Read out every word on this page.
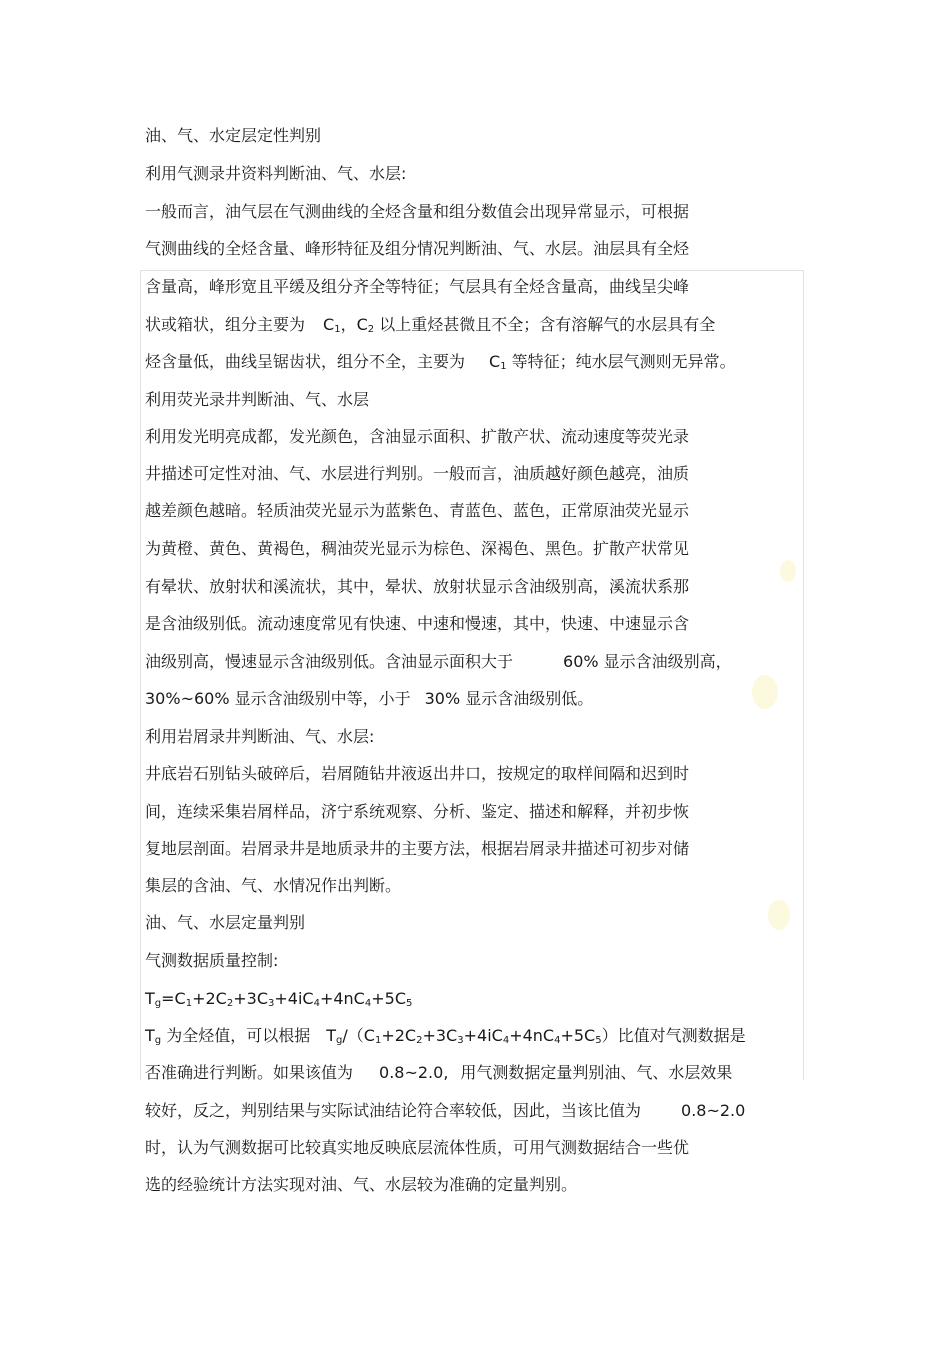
油、气、水定层定性判别
利用气测录井资料判断油、气、水层:
一般而言，油气层在气测曲线的全烃含量和组分数值会出现异常显示，可根据
气测曲线的全烃含量、峰形特征及组分情况判断油、气、水层。油层具有全烃
含量高，峰形宽且平缓及组分齐全等特征；气层具有全烃含量高，曲线呈尖峰
状或箱状，组分主要为 $C_1$，$C_2$ 以上重烃甚微且不全；含有溶解气的水层具有全
烃含量低，曲线呈锯齿状，组分不全，主要为 $C_1$ 等特征；纯水层气测则无异常。
利用荧光录井判断油、气、水层
利用发光明亮成都，发光颜色，含油显示面积、扩散产状、流动速度等荧光录
井描述可定性对油、气、水层进行判别。一般而言，油质越好颜色越亮，油质
越差颜色越暗。轻质油荧光显示为蓝紫色、青蓝色、蓝色，正常原油荧光显示
为黄橙、黄色、黄褐色，稠油荧光显示为棕色、深褐色、黑色。扩散产状常见
有晕状、放射状和溪流状，其中，晕状、放射状显示含油级别高，溪流状系那
是含油级别低。流动速度常见有快速、中速和慢速，其中，快速、中速显示含
油级别高，慢速显示含油级别低。含油显示面积大于	60% 显示含油级别高，
30%~60% 显示含油级别中等，小于 30% 显示含油级别低。
利用岩屑录井判断油、气、水层:
井底岩石别钻头破碎后，岩屑随钻井液返出井口，按规定的取样间隔和迟到时
间，连续采集岩屑样品，济宁系统观察、分析、鉴定、描述和解释，并初步恢
复地层剖面。岩屑录井是地质录井的主要方法，根据岩屑录井描述可初步对储
集层的含油、气、水情况作出判断。
油、气、水层定量判别
气测数据质量控制:
$T_g=C_1+2C_2+3C_3+4iC_4+4nC_4+5C_5$
$T_g$ 为全烃值，可以根据 $T_g/(C_1+2C_2+3C_3+4iC_4+4nC_4+5C_5)$比值对气测数据是
否准确进行判断。如果该值为 0.8~2.0, 用气测数据定量判别油、气、水层效果
较好，反之，判别结果与实际试油结论符合率较低，因此，当该比值为	0.8~2.0
时，认为气测数据可比较真实地反映底层流体性质，可用气测数据结合一些优
选的经验统计方法实现对油、气、水层较为准确的定量判别。
